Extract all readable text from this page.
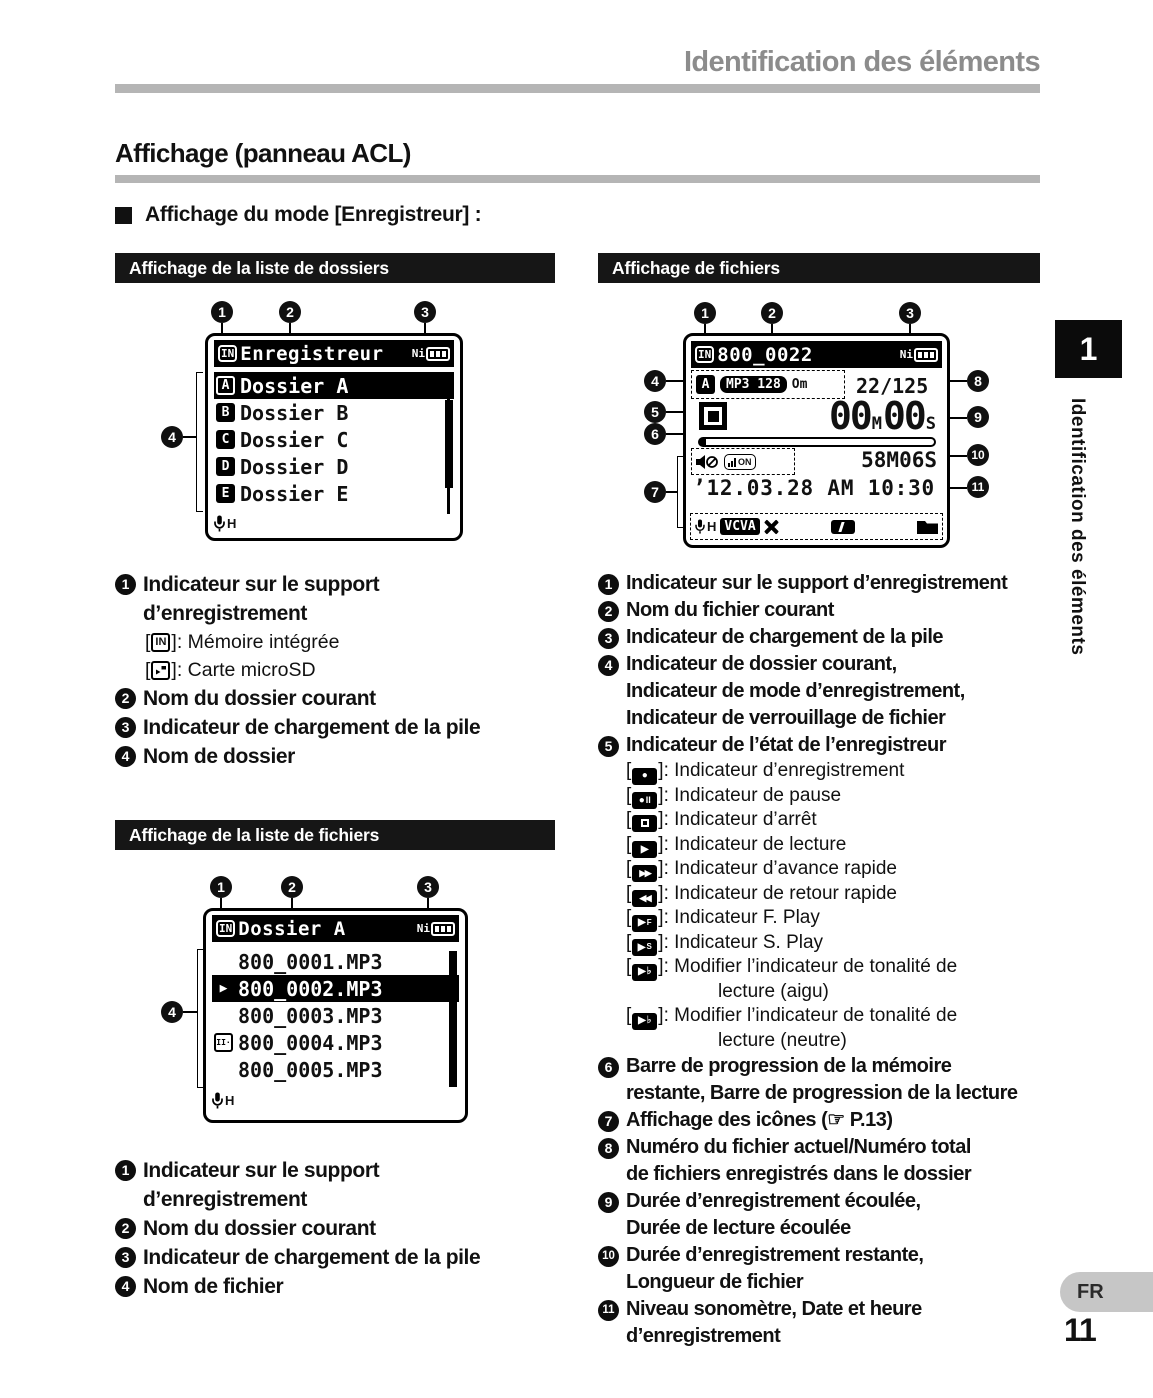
Identification des éléments
Affichage (panneau ACL)
Affichage du mode [Enregistreur] :
Affichage de la liste de dossiers	Affichage de fichiers
Affichage de la liste de fichiers
1	2	3
4
IN Enregistreur	Ni
A Dossier A
B Dossier B
C Dossier C
D Dossier D
E Dossier E
H
1	2	3
4
5
6
7
8
9
10
11
IN 800_0022	Ni
A	MP3 128 Om 22/125
00 M 00 S
ON	58M06S
’12.03.28 AM 10:30
H VCVA
1 Indicateur sur le support
d’enregistrement
[ IN ] : Mémoire intégrée
[ ] : Carte microSD
2 Nom du dossier courant
3 Indicateur de chargement de la pile
4 Nom de dossier
1	2	3
4
IN Dossier A	Ni
800_0001.MP3
▶ 800_0002.MP3
800_0003.MP3
II· 800_0004.MP3
800_0005.MP3
H
1 Indicateur sur le support
d’enregistrement
2 Nom du dossier courant
3 Indicateur de chargement de la pile
4 Nom de fichier
1 Indicateur sur le support d’enregistrement
2 Nom du fichier courant
3 Indicateur de chargement de la pile
4 Indicateur de dossier courant,
Indicateur de mode d’enregistrement,
Indicateur de verrouillage de fichier
5 Indicateur de l’état de l’enregistreur
[ ● ] : Indicateur d’enregistrement
[ ● II ] : Indicateur de pause
[ ] : Indicateur d’arrêt
[ ▶ ] : Indicateur de lecture
[ ▶▶ ] : Indicateur d’avance rapide
[ ◀◀ ] : Indicateur de retour rapide
[ ▶ F ] : Indicateur F. Play
[ ▶ S ] : Indicateur S. Play
[ ▶ ♭ ] : Modifier l’indicateur de tonalité de
lecture (aigu)
[ ▶ ♭ ] : Modifier l’indicateur de tonalité de
lecture (neutre)
6 Barre de progression de la mémoire
restante, Barre de progression de la lecture
7 Affichage des icônes (☞ P.13)
8 Numéro du fichier actuel/Numéro total
de fichiers enregistrés dans le dossier
9 Durée d’enregistrement écoulée,
Durée de lecture écoulée
10 Durée d’enregistrement restante,
Longueur de fichier
11 Niveau sonomètre, Date et heure
d’enregistrement
1
Identification des éléments
FR
11
